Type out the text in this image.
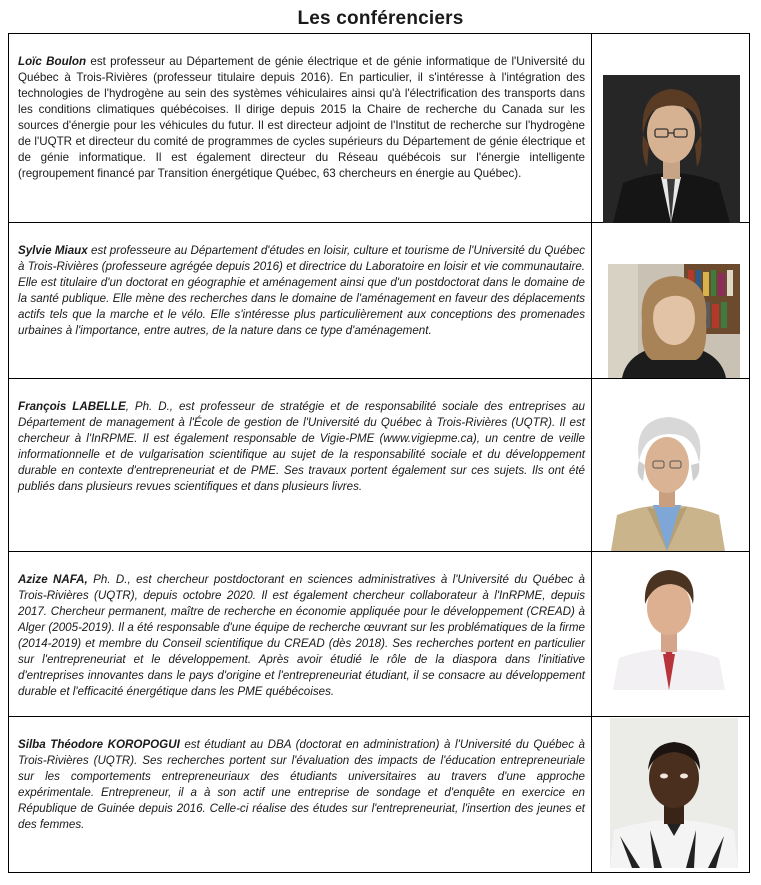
Les conférenciers
Loïc Boulon est professeur au Département de génie électrique et de génie informatique de l'Université du Québec à Trois-Rivières (professeur titulaire depuis 2016). En particulier, il s'intéresse à l'intégration des technologies de l'hydrogène au sein des systèmes véhiculaires ainsi qu'à l'électrification des transports dans les conditions climatiques québécoises. Il dirige depuis 2015 la Chaire de recherche du Canada sur les sources d'énergie pour les véhicules du futur. Il est directeur adjoint de l'Institut de recherche sur l'hydrogène de l'UQTR et directeur du comité de programmes de cycles supérieurs du Département de génie électrique et de génie informatique. Il est également directeur du Réseau québécois sur l'énergie intelligente (regroupement financé par Transition énergétique Québec, 63 chercheurs en énergie au Québec).
Sylvie Miaux est professeure au Département d'études en loisir, culture et tourisme de l'Université du Québec à Trois-Rivières (professeure agrégée depuis 2016) et directrice du Laboratoire en loisir et vie communautaire. Elle est titulaire d'un doctorat en géographie et aménagement ainsi que d'un postdoctorat dans le domaine de la santé publique. Elle mène des recherches dans le domaine de l'aménagement en faveur des déplacements actifs tels que la marche et le vélo. Elle s'intéresse plus particulièrement aux conceptions des promenades urbaines à l'importance, entre autres, de la nature dans ce type d'aménagement.
François LABELLE, Ph. D., est professeur de stratégie et de responsabilité sociale des entreprises au Département de management à l'École de gestion de l'Université du Québec à Trois-Rivières (UQTR). Il est chercheur à l'InRPME. Il est également responsable de Vigie-PME (www.vigiepme.ca), un centre de veille informationnelle et de vulgarisation scientifique au sujet de la responsabilité sociale et du développement durable en contexte d'entrepreneuriat et de PME. Ses travaux portent également sur ces sujets. Ils ont été publiés dans plusieurs revues scientifiques et dans plusieurs livres.
Azize NAFA, Ph. D., est chercheur postdoctorant en sciences administratives à l'Université du Québec à Trois-Rivières (UQTR), depuis octobre 2020. Il est également chercheur collaborateur à l'InRPME, depuis 2017. Chercheur permanent, maître de recherche en économie appliquée pour le développement (CREAD) à Alger (2005-2019). Il a été responsable d'une équipe de recherche œuvrant sur les problématiques de la firme (2014-2019) et membre du Conseil scientifique du CREAD (dès 2018). Ses recherches portent en particulier sur l'entrepreneuriat et le développement. Après avoir étudié le rôle de la diaspora dans l'initiative d'entreprises innovantes dans le pays d'origine et l'entrepreneuriat étudiant, il se consacre au développement durable et l'efficacité énergétique dans les PME québécoises.
Silba Théodore KOROPOGUI est étudiant au DBA (doctorat en administration) à l'Université du Québec à Trois-Rivières (UQTR). Ses recherches portent sur l'évaluation des impacts de l'éducation entrepreneuriale sur les comportements entrepreneuriaux des étudiants universitaires au travers d'une approche expérimentale. Entrepreneur, il a à son actif une entreprise de sondage et d'enquête en exercice en République de Guinée depuis 2016. Celle-ci réalise des études sur l'entrepreneuriat, l'insertion des jeunes et des femmes.
